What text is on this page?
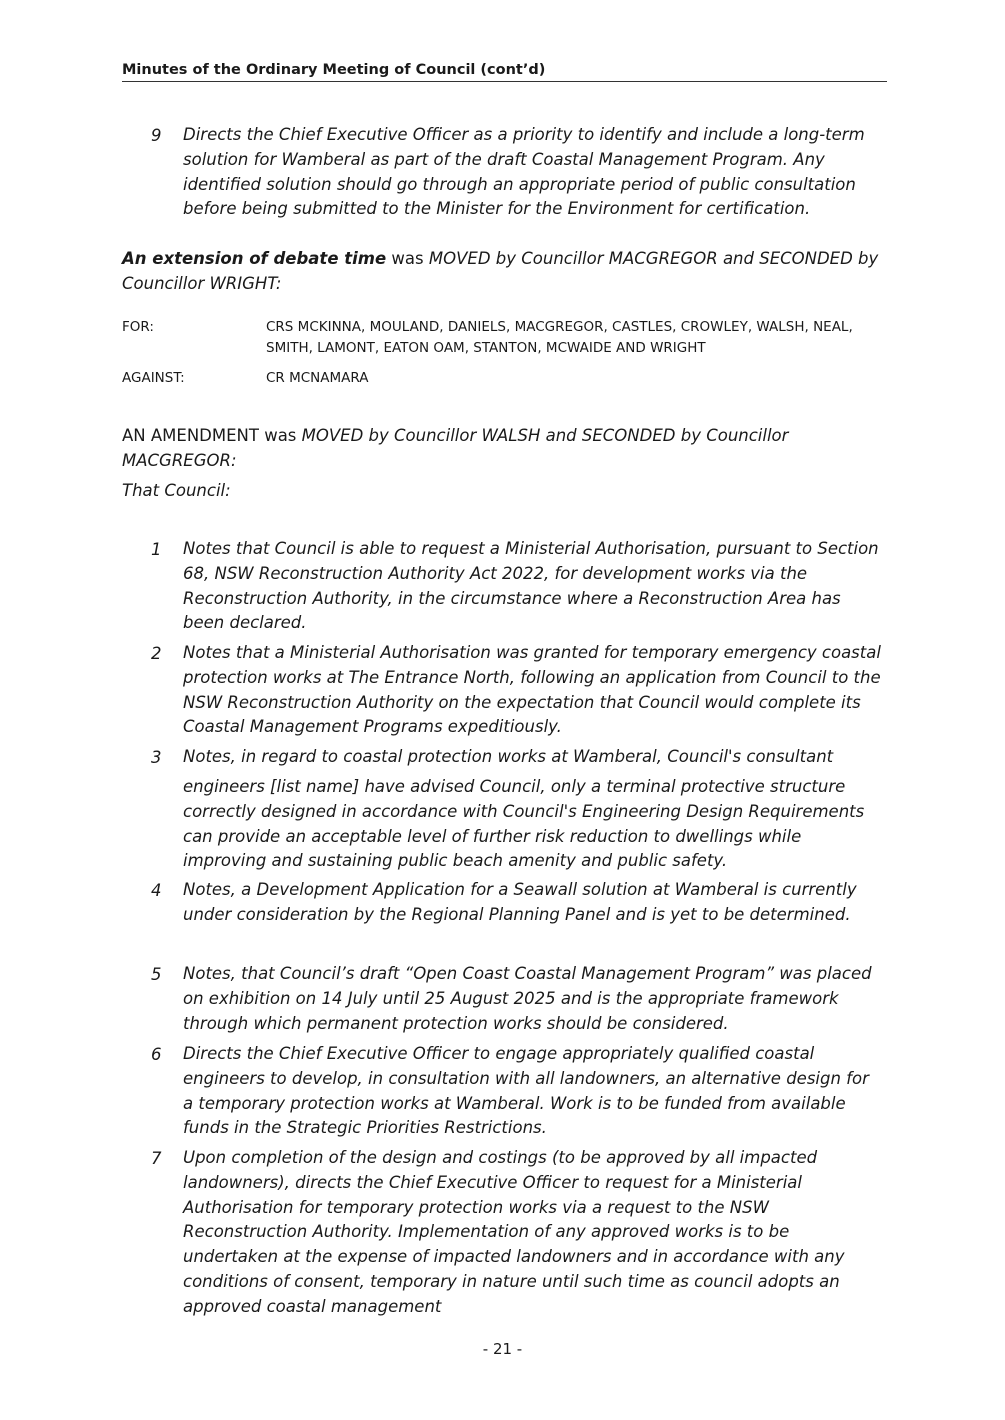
Minutes of the Ordinary Meeting of Council (cont’d)
9 Directs the Chief Executive Officer as a priority to identify and include a long-term solution for Wamberal as part of the draft Coastal Management Program. Any identified solution should go through an appropriate period of public consultation before being submitted to the Minister for the Environment for certification.
An extension of debate time was MOVED by Councillor MACGREGOR and SECONDED by Councillor WRIGHT:
FOR:	CRS MCKINNA, MOULAND, DANIELS, MACGREGOR, CASTLES, CROWLEY, WALSH, NEAL, SMITH, LAMONT, EATON OAM, STANTON, MCWAIDE AND WRIGHT
AGAINST:	CR MCNAMARA
AN AMENDMENT was MOVED by Councillor WALSH and SECONDED by Councillor MACGREGOR:
That Council:
1 Notes that Council is able to request a Ministerial Authorisation, pursuant to Section 68, NSW Reconstruction Authority Act 2022, for development works via the Reconstruction Authority, in the circumstance where a Reconstruction Area has been declared.
2 Notes that a Ministerial Authorisation was granted for temporary emergency coastal protection works at The Entrance North, following an application from Council to the NSW Reconstruction Authority on the expectation that Council would complete its Coastal Management Programs expeditiously.
3 Notes, in regard to coastal protection works at Wamberal, Council's consultant
engineers [list name] have advised Council, only a terminal protective structure correctly designed in accordance with Council's Engineering Design Requirements can provide an acceptable level of further risk reduction to dwellings while improving and sustaining public beach amenity and public safety.
4 Notes, a Development Application for a Seawall solution at Wamberal is currently under consideration by the Regional Planning Panel and is yet to be determined.
5 Notes, that Council’s draft “Open Coast Coastal Management Program” was placed on exhibition on 14 July until 25 August 2025 and is the appropriate framework through which permanent protection works should be considered.
6 Directs the Chief Executive Officer to engage appropriately qualified coastal engineers to develop, in consultation with all landowners, an alternative design for a temporary protection works at Wamberal. Work is to be funded from available funds in the Strategic Priorities Restrictions.
7 Upon completion of the design and costings (to be approved by all impacted landowners), directs the Chief Executive Officer to request for a Ministerial Authorisation for temporary protection works via a request to the NSW Reconstruction Authority. Implementation of any approved works is to be undertaken at the expense of impacted landowners and in accordance with any conditions of consent, temporary in nature until such time as council adopts an approved coastal management
- 21 -
